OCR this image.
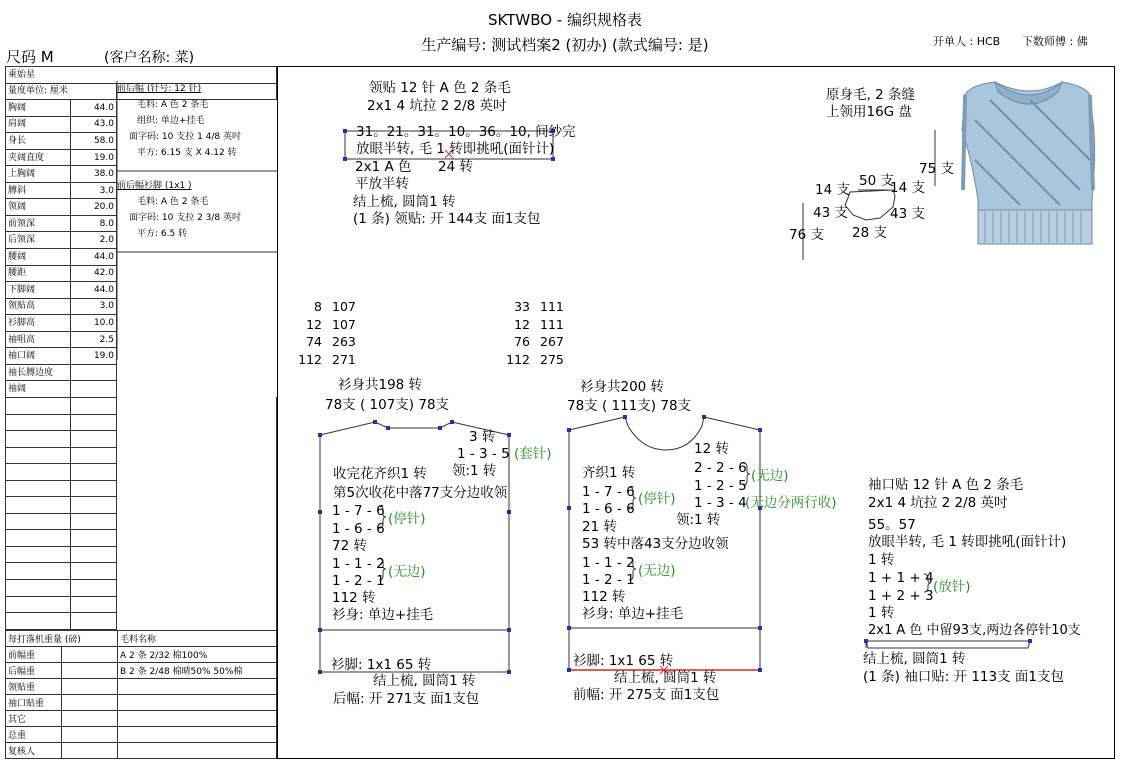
SKTWBO - 编织规格表
生产编号: 测试档案2 (初办) (款式编号: 是)	开单人 : HCB 下数师傅 : 佛
尺码 M	(客户名称: 菜)
乘始星		
量度单位: 厘米		
胸阔	44.0	
肩阔	43.0	
身长	58.0	
夹阔直度	19.0	
上胸阔	38.0	
膊斜	3.0	
领阔	20.0	
前领深	8.0	
后领深	2.0	
腰阔	44.0	
腰距	42.0	
下脚阔	44.0	
领贴高	3.0	
衫脚高	10.0	
袖咀高	2.5	
袖口阔	19.0	
袖长膊边度		
袖阔		

前后幅 (针号: 12 针)
毛料: A 色 2 条毛
组织: 单边+挂毛
面字码: 10 支拉 1 4/8 英吋
平方: 6.15 支 X 4.12 转
前后幅衫脚 (1x1 )
毛料: A 色 2 条毛
面字码: 10 支拉 2 3/8 英吋
平方: 6.5 转
每打落机重量 (磅)		毛料名称
前幅重		A 2 条 2/32 棉100%
后幅重		B 2 条 2/48 棉晴50% 50%棉
领贴重		
袖口贴重		
其它		
总重		
复核人		
领贴 12 针 A 色 2 条毛
2x1 4 坑拉 2 2/8 英吋
31。21。31。10。36。10, 间纱完
放眼半转, 毛 1 转即挑吼(面针计)
2x1 A 色 24 转
平放半转
结上梳, 圆筒1 转
(1 条) 领贴: 开 144支 面1支包
原身毛, 2 条缝
上领用16G 盘
50 支
75 支
14 支	14 支
43 支	43 支
28 支
76 支
8 107
12 107
74 263
112 271
33 111
12 111
76 267
112 275
衫身共198 转
78支 ( 107支) 78支
3 转
1 - 3 - 5 (套针)
领:1 转
收完花齐织1 转
第5次收花中落77支分边收领
1 - 7 - 6
1 - 6 - 6
(停针)
72 转
1 - 1 - 2
1 - 2 - 1
(无边)
112 转
衫身: 单边+挂毛
衫脚: 1x1 65 转
结上梳, 圆筒1 转
后幅: 开 271支 面1支包
衫身共200 转
78支 ( 111支) 78支
12 转
2 - 2 - 6
1 - 2 - 5
(无边)
1 - 3 - 4
(无边分两行收)
齐织1 转
1 - 7 - 6
1 - 6 - 6
(停针)
21 转	领:1 转
53 转中落43支分边收领
1 - 1 - 2
1 - 2 - 1
(无边)
112 转
衫身: 单边+挂毛
衫脚: 1x1 65 转
结上梳, 圆筒1 转
前幅: 开 275支 面1支包
袖口贴 12 针 A 色 2 条毛
2x1 4 坑拉 2 2/8 英吋
55。57
放眼半转, 毛 1 转即挑吼(面针计)
1 转
1 + 1 + 4
1 + 2 + 3
(放针)
1 转
2x1 A 色 中留93支,两边各停针10支
结上梳, 圆筒1 转
(1 条) 袖口贴: 开 113支 面1支包
